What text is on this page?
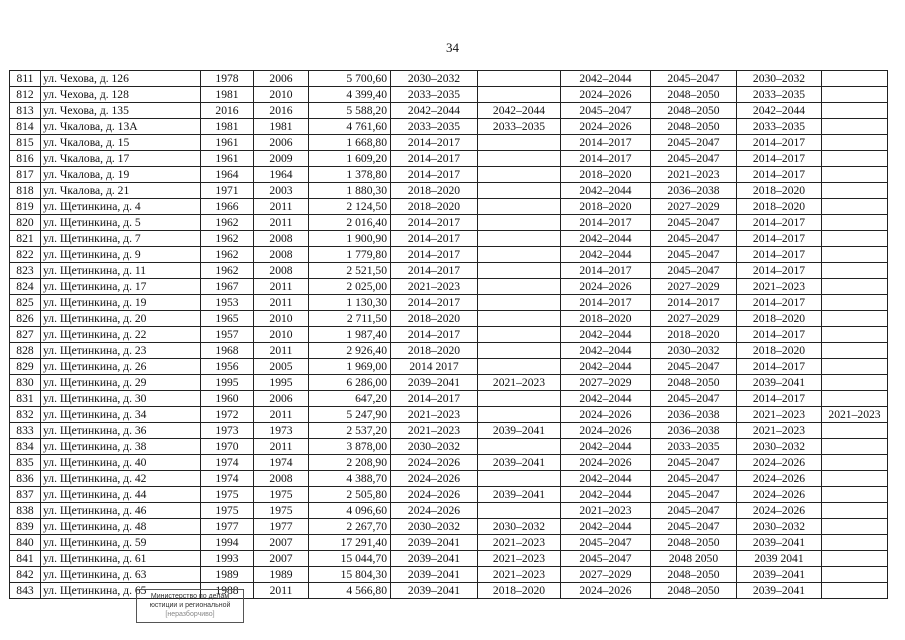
34
811	ул. Чехова, д. 126	1978	2006	5 700,60	2030–2032		2042–2044	2045–2047	2030–2032	
812	ул. Чехова, д. 128	1981	2010	4 399,40	2033–2035		2024–2026	2048–2050	2033–2035	
813	ул. Чехова, д. 135	2016	2016	5 588,20	2042–2044	2042–2044	2045–2047	2048–2050	2042–2044	
814	ул. Чкалова, д. 13А	1981	1981	4 761,60	2033–2035	2033–2035	2024–2026	2048–2050	2033–2035	
815	ул. Чкалова, д. 15	1961	2006	1 668,80	2014–2017		2014–2017	2045–2047	2014–2017	
816	ул. Чкалова, д. 17	1961	2009	1 609,20	2014–2017		2014–2017	2045–2047	2014–2017	
817	ул. Чкалова, д. 19	1964	1964	1 378,80	2014–2017		2018–2020	2021–2023	2014–2017	
818	ул. Чкалова, д. 21	1971	2003	1 880,30	2018–2020		2042–2044	2036–2038	2018–2020	
819	ул. Щетинкина, д. 4	1966	2011	2 124,50	2018–2020		2018–2020	2027–2029	2018–2020	
820	ул. Щетинкина, д. 5	1962	2011	2 016,40	2014–2017		2014–2017	2045–2047	2014–2017	
821	ул. Щетинкина, д. 7	1962	2008	1 900,90	2014–2017		2042–2044	2045–2047	2014–2017	
822	ул. Щетинкина, д. 9	1962	2008	1 779,80	2014–2017		2042–2044	2045–2047	2014–2017	
823	ул. Щетинкина, д. 11	1962	2008	2 521,50	2014–2017		2014–2017	2045–2047	2014–2017	
824	ул. Щетинкина, д. 17	1967	2011	2 025,00	2021–2023		2024–2026	2027–2029	2021–2023	
825	ул. Щетинкина, д. 19	1953	2011	1 130,30	2014–2017		2014–2017	2014–2017	2014–2017	
826	ул. Щетинкина, д. 20	1965	2010	2 711,50	2018–2020		2018–2020	2027–2029	2018–2020	
827	ул. Щетинкина, д. 22	1957	2010	1 987,40	2014–2017		2042–2044	2018–2020	2014–2017	
828	ул. Щетинкина, д. 23	1968	2011	2 926,40	2018–2020		2042–2044	2030–2032	2018–2020	
829	ул. Щетинкина, д. 26	1956	2005	1 969,00	2014 2017		2042–2044	2045–2047	2014–2017	
830	ул. Щетинкина, д. 29	1995	1995	6 286,00	2039–2041	2021–2023	2027–2029	2048–2050	2039–2041	
831	ул. Щетинкина, д. 30	1960	2006	647,20	2014–2017		2042–2044	2045–2047	2014–2017	
832	ул. Щетинкина, д. 34	1972	2011	5 247,90	2021–2023		2024–2026	2036–2038	2021–2023	2021–2023
833	ул. Щетинкина, д. 36	1973	1973	2 537,20	2021–2023	2039–2041	2024–2026	2036–2038	2021–2023	
834	ул. Щетинкина, д. 38	1970	2011	3 878,00	2030–2032		2042–2044	2033–2035	2030–2032	
835	ул. Щетинкина, д. 40	1974	1974	2 208,90	2024–2026	2039–2041	2024–2026	2045–2047	2024–2026	
836	ул. Щетинкина, д. 42	1974	2008	4 388,70	2024–2026		2042–2044	2045–2047	2024–2026	
837	ул. Щетинкина, д. 44	1975	1975	2 505,80	2024–2026	2039–2041	2042–2044	2045–2047	2024–2026	
838	ул. Щетинкина, д. 46	1975	1975	4 096,60	2024–2026		2021–2023	2045–2047	2024–2026	
839	ул. Щетинкина, д. 48	1977	1977	2 267,70	2030–2032	2030–2032	2042–2044	2045–2047	2030–2032	
840	ул. Щетинкина, д. 59	1994	2007	17 291,40	2039–2041	2021–2023	2045–2047	2048–2050	2039–2041	
841	ул. Щетинкина, д. 61	1993	2007	15 044,70	2039–2041	2021–2023	2045–2047	2048 2050	2039 2041	
842	ул. Щетинкина, д. 63	1989	1989	15 804,30	2039–2041	2021–2023	2027–2029	2048–2050	2039–2041	
843	ул. Щетинкина, д. 65	1988	2011	4 566,80	2039–2041	2018–2020	2024–2026	2048–2050	2039–2041	
Министерство по делам
юстиции и региональной
[неразборчиво]
